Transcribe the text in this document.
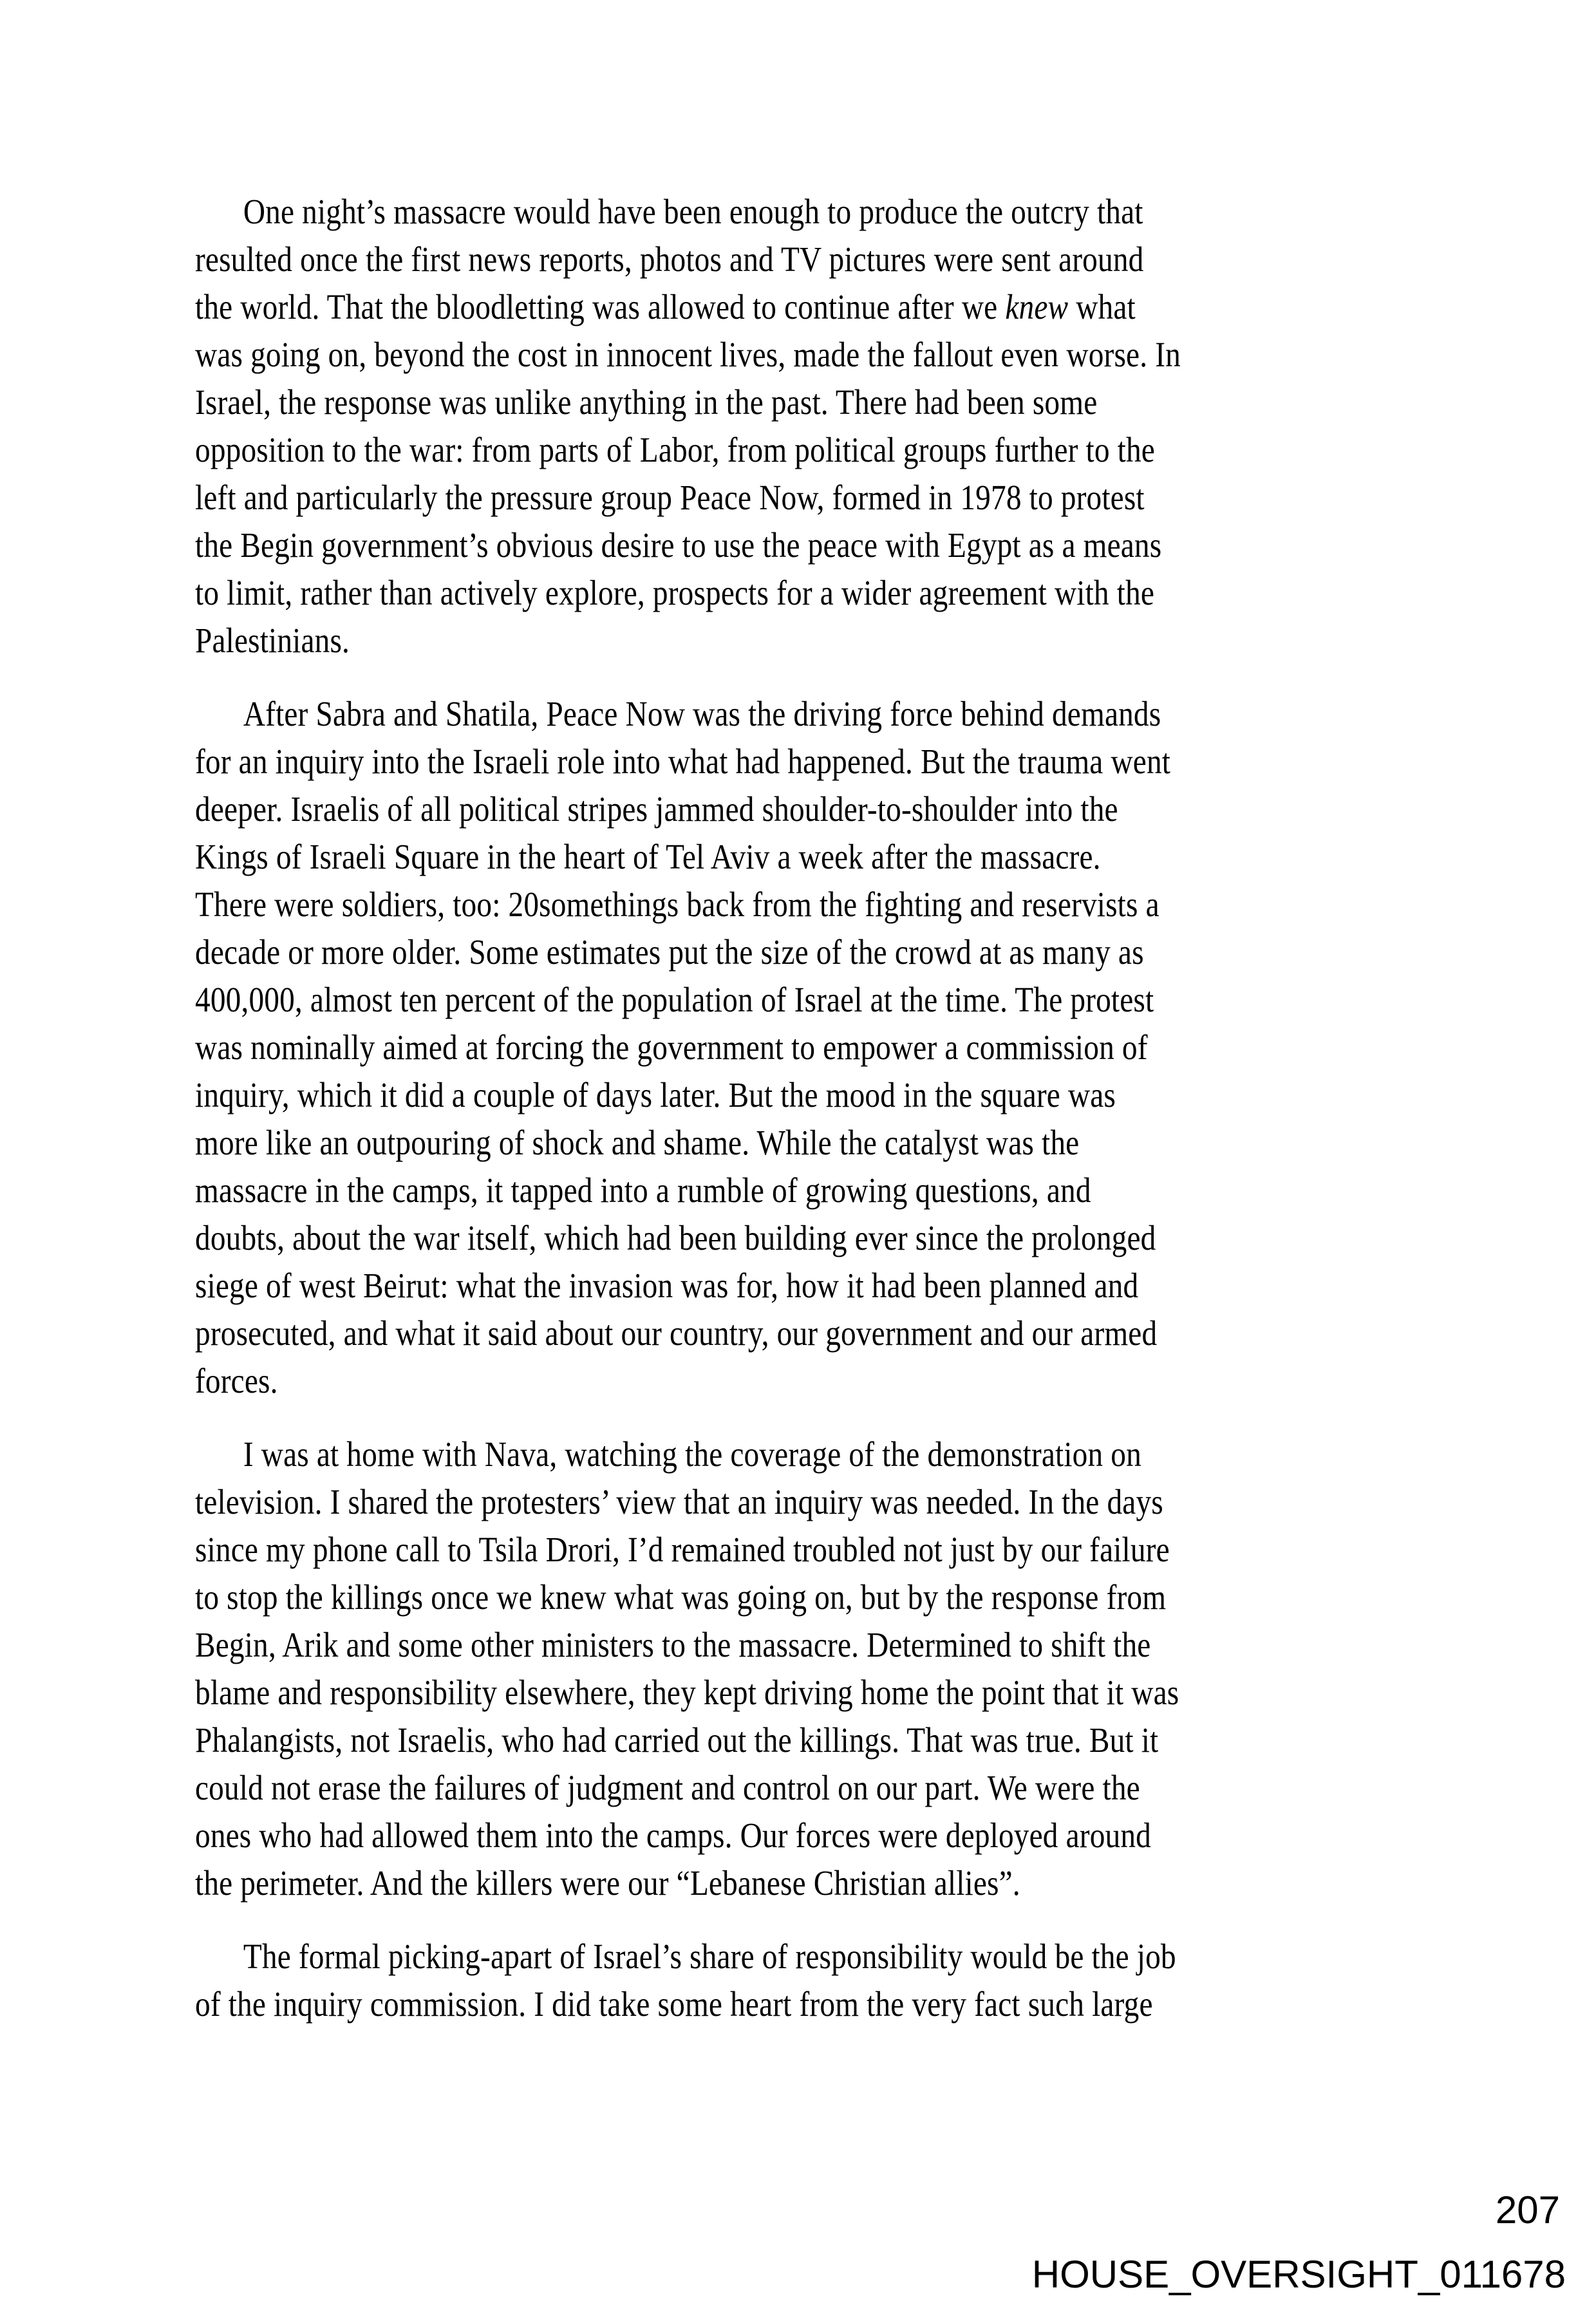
One night’s massacre would have been enough to produce the outcry that
resulted once the first news reports, photos and TV pictures were sent around
the world. That the bloodletting was allowed to continue after we knew what
was going on, beyond the cost in innocent lives, made the fallout even worse. In
Israel, the response was unlike anything in the past. There had been some
opposition to the war: from parts of Labor, from political groups further to the
left and particularly the pressure group Peace Now, formed in 1978 to protest
the Begin government’s obvious desire to use the peace with Egypt as a means
to limit, rather than actively explore, prospects for a wider agreement with the
Palestinians.
After Sabra and Shatila, Peace Now was the driving force behind demands
for an inquiry into the Israeli role into what had happened. But the trauma went
deeper. Israelis of all political stripes jammed shoulder-to-shoulder into the
Kings of Israeli Square in the heart of Tel Aviv a week after the massacre.
There were soldiers, too: 20somethings back from the fighting and reservists a
decade or more older. Some estimates put the size of the crowd at as many as
400,000, almost ten percent of the population of Israel at the time. The protest
was nominally aimed at forcing the government to empower a commission of
inquiry, which it did a couple of days later. But the mood in the square was
more like an outpouring of shock and shame. While the catalyst was the
massacre in the camps, it tapped into a rumble of growing questions, and
doubts, about the war itself, which had been building ever since the prolonged
siege of west Beirut: what the invasion was for, how it had been planned and
prosecuted, and what it said about our country, our government and our armed
forces.
I was at home with Nava, watching the coverage of the demonstration on
television. I shared the protesters’ view that an inquiry was needed. In the days
since my phone call to Tsila Drori, I’d remained troubled not just by our failure
to stop the killings once we knew what was going on, but by the response from
Begin, Arik and some other ministers to the massacre. Determined to shift the
blame and responsibility elsewhere, they kept driving home the point that it was
Phalangists, not Israelis, who had carried out the killings. That was true. But it
could not erase the failures of judgment and control on our part. We were the
ones who had allowed them into the camps. Our forces were deployed around
the perimeter. And the killers were our “Lebanese Christian allies”.
The formal picking-apart of Israel’s share of responsibility would be the job
of the inquiry commission. I did take some heart from the very fact such large
207
HOUSE_OVERSIGHT_011678
